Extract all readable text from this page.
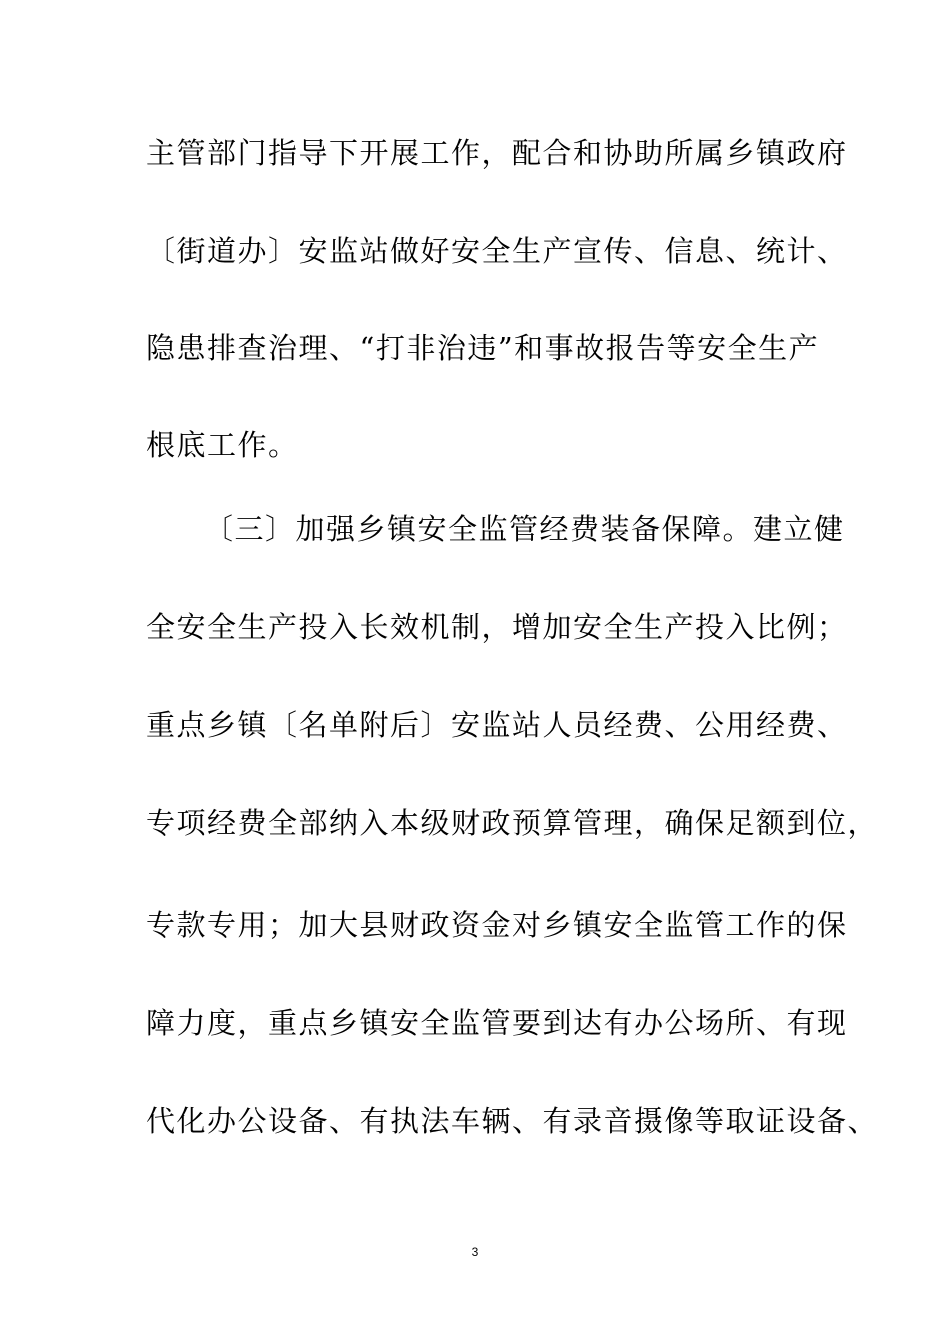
主管部门指导下开展工作，配合和协助所属乡镇政府
〔街道办〕安监站做好安全生产宣传、信息、统计、
隐患排查治理、“打非治违”和事故报告等安全生产
根底工作。
〔三〕加强乡镇安全监管经费装备保障。建立健
全安全生产投入长效机制，增加安全生产投入比例；
重点乡镇〔名单附后〕安监站人员经费、公用经费、
专项经费全部纳入本级财政预算管理，确保足额到位，
专款专用；加大县财政资金对乡镇安全监管工作的保
障力度，重点乡镇安全监管要到达有办公场所、有现
代化办公设备、有执法车辆、有录音摄像等取证设备、
3
